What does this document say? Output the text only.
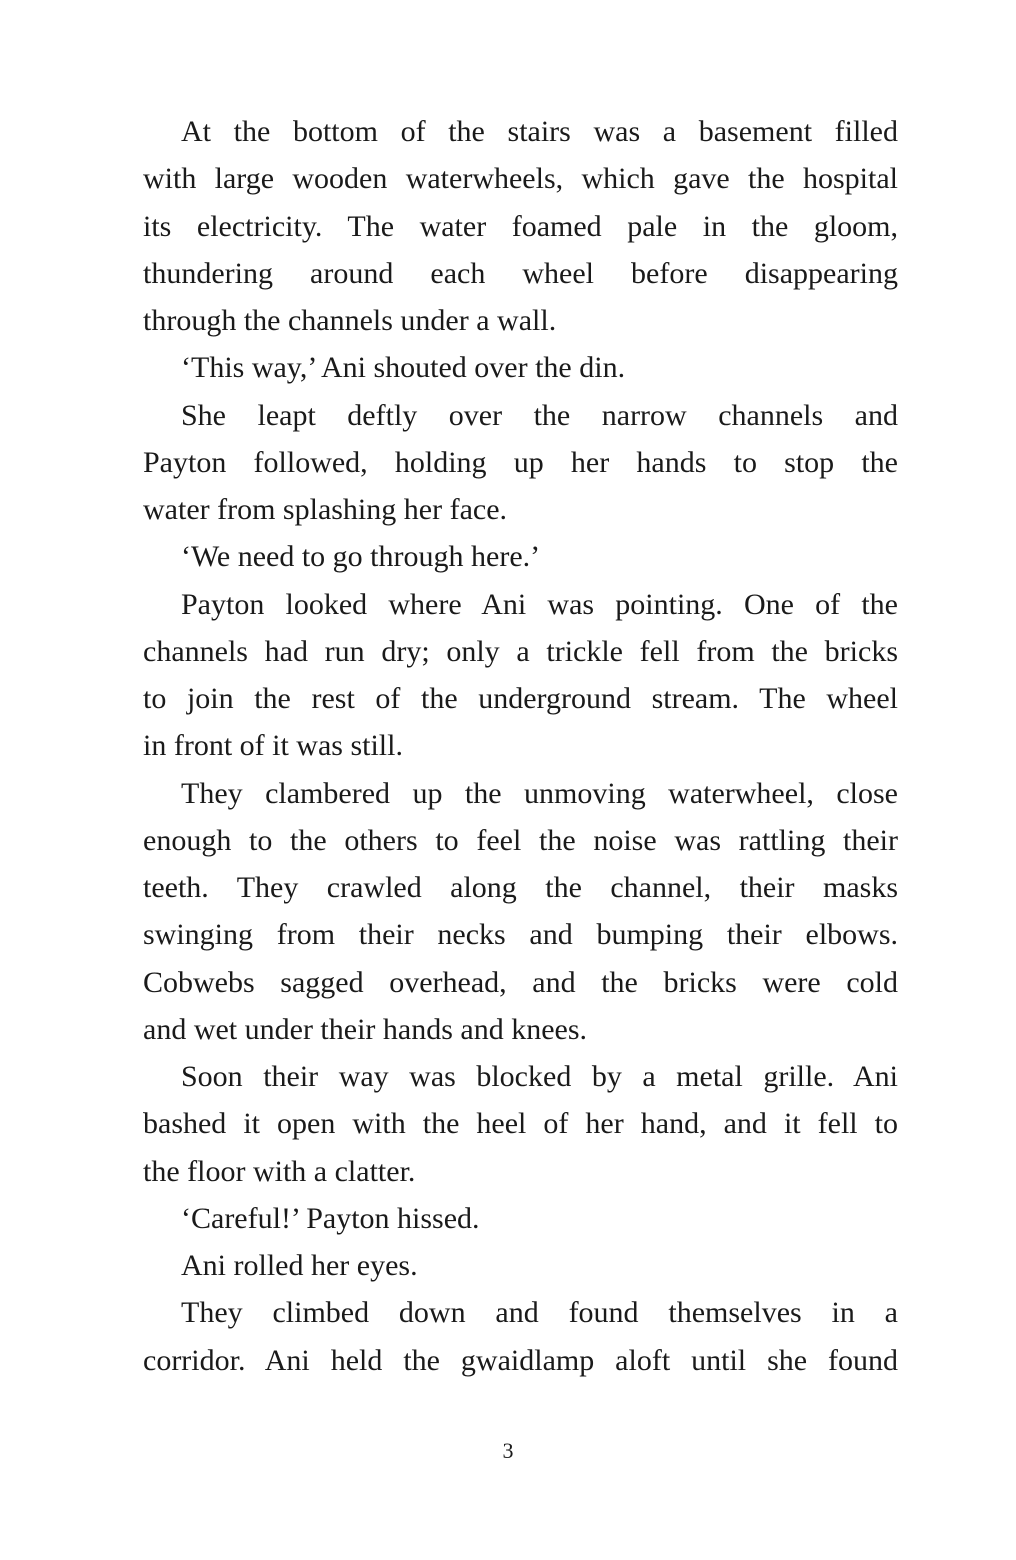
At the bottom of the stairs was a basement filled
with large wooden waterwheels, which gave the hospital
its electricity. The water foamed pale in the gloom,
thundering around each wheel before disappearing
through the channels under a wall.
‘This way,’ Ani shouted over the din.
She leapt deftly over the narrow channels and
Payton followed, holding up her hands to stop the
water from splashing her face.
‘We need to go through here.’
Payton looked where Ani was pointing. One of the
channels had run dry; only a trickle fell from the bricks
to join the rest of the underground stream. The wheel
in front of it was still.
They clambered up the unmoving waterwheel, close
enough to the others to feel the noise was rattling their
teeth. They crawled along the channel, their masks
swinging from their necks and bumping their elbows.
Cobwebs sagged overhead, and the bricks were cold
and wet under their hands and knees.
Soon their way was blocked by a metal grille. Ani
bashed it open with the heel of her hand, and it fell to
the floor with a clatter.
‘Careful!’ Payton hissed.
Ani rolled her eyes.
They climbed down and found themselves in a
corridor. Ani held the gwaidlamp aloft until she found
3
